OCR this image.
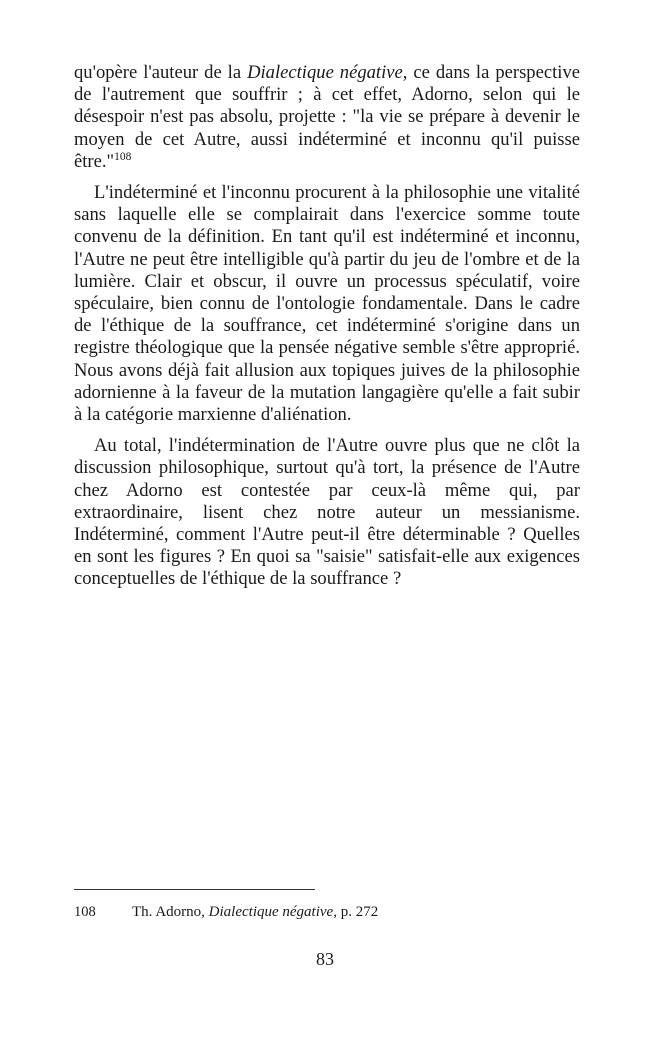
qu'opère l'auteur de la Dialectique négative, ce dans la perspective de l'autrement que souffrir ; à cet effet, Adorno, selon qui le désespoir n'est pas absolu, projette : "la vie se prépare à devenir le moyen de cet Autre, aussi indéterminé et inconnu qu'il puisse être."$^{108}$

L'indéterminé et l'inconnu procurent à la philosophie une vitalité sans laquelle elle se complairait dans l'exercice somme toute convenu de la définition. En tant qu'il est indéterminé et inconnu, l'Autre ne peut être intelligible qu'à partir du jeu de l'ombre et de la lumière. Clair et obscur, il ouvre un processus spéculatif, voire spéculaire, bien connu de l'ontologie fondamentale. Dans le cadre de l'éthique de la souffrance, cet indéterminé s'origine dans un registre théologique que la pensée négative semble s'être approprié. Nous avons déjà fait allusion aux topiques juives de la philosophie adornienne à la faveur de la mutation langagière qu'elle a fait subir à la catégorie marxienne d'aliénation.

Au total, l'indétermination de l'Autre ouvre plus que ne clôt la discussion philosophique, surtout qu'à tort, la présence de l'Autre chez Adorno est contestée par ceux-là même qui, par extraordinaire, lisent chez notre auteur un messianisme. Indéterminé, comment l'Autre peut-il être déterminable ? Quelles en sont les figures ? En quoi sa "saisie" satisfait-elle aux exigences conceptuelles de l'éthique de la souffrance ?

108 Th. Adorno, Dialectique négative, p. 272
83
